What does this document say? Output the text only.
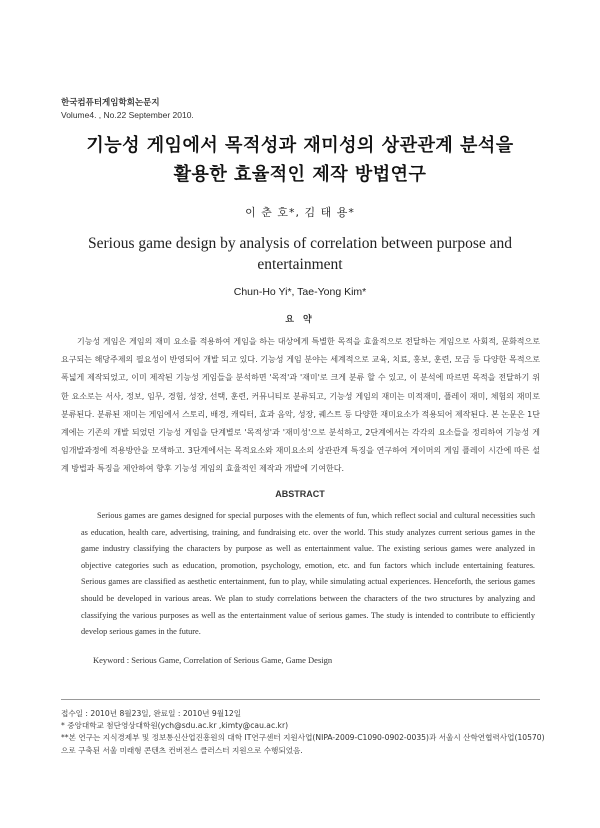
한국컴퓨터게임학회논문지
Volume4. , No.22 September 2010.
기능성 게임에서 목적성과 재미성의 상관관계 분석을
활용한 효율적인 제작 방법연구
이 춘 호*, 김 태 용*
Serious game design by analysis of correlation between purpose and
entertainment
Chun-Ho Yi*, Tae-Yong Kim*
요 약

기능성 게임은 게임의 재미 요소를 적용하여 게임을 하는 대상에게 특별한 목적을 효율적으로 전달하는 게임으로 사회적, 문화적으로 요구되는 해당주제의 필요성이 반영되어 개발 되고 있다. 기능성 게임 분야는 세계적으로 교육, 치료, 홍보, 훈련, 모금 등 다양한 목적으로 폭넓게 제작되었고, 이미 제작된 기능성 게임들을 분석하면 '목적'과 '재미'로 크게 분류 할 수 있고, 이 분석에 따르면 목적을 전달하기 위한 요소로는 서사, 정보, 임무, 경험, 성장, 선택, 훈련, 커뮤니티로 분류되고, 기능성 게임의 재미는 미적재미, 플레이 재미, 체험의 재미로 분류된다. 분류된 재미는 게임에서 스토리, 배경, 캐릭터, 효과 음악, 성장, 퀘스트 등 다양한 재미요소가 적용되어 제작된다. 본 논문은 1단계에는 기존의 개발 되었던 기능성 게임을 단계별로 '목적성'과 '재미성'으로 분석하고, 2단계에서는 각각의 요소들을 정리하여 기능성 게임개발과정에 적용방안을 모색하고. 3단계에서는 목적요소와 재미요소의 상관관계 특징을 연구하여 게이머의 게임 플레이 시간에 따른 설계 방법과 특징을 제안하여 향후 기능성 게임의 효율적인 제작과 개발에 기여한다.

ABSTRACT

Serious games are games designed for special purposes with the elements of fun, which reflect social and cultural necessities such as education, health care, advertising, training, and fundraising etc. over the world. This study analyzes current serious games in the game industry classifying the characters by purpose as well as entertainment value. The existing serious games were analyzed in objective categories such as education, promotion, psychology, emotion, etc. and fun factors which include entertaining features. Serious games are classified as aesthetic entertainment, fun to play, while simulating actual experiences. Henceforth, the serious games should be developed in various areas. We plan to study correlations between the characters of the two structures by analyzing and classifying the various purposes as well as the entertainment value of serious games. The study is intended to contribute to efficiently develop serious games in the future.

Keyword : Serious Game, Correlation of Serious Game, Game Design

접수일 : 2010년 8월23일, 완료일 : 2010년 9월12일

* 중앙대학교 첨단영상대학원(ych@sdu.ac.kr ,kimty@cau.ac.kr)

**본 연구는 지식경제부 및 정보통신산업진흥원의 대학 IT연구센터 지원사업(NIPA-2009-C1090-0902-0035)과 서울시 산학연협력사업(10570)으로 구축된 서울 미래형 콘텐츠 컨버전스 클러스터 지원으로 수행되었음.
